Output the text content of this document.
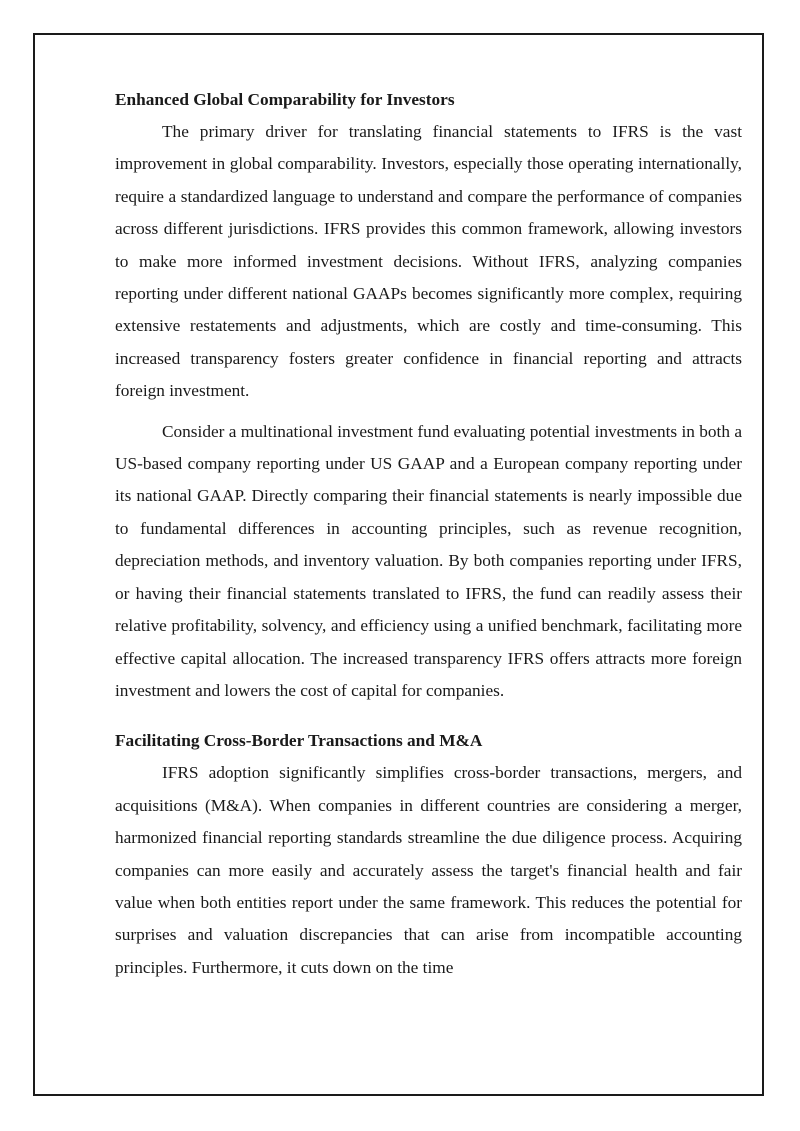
Enhanced Global Comparability for Investors

The primary driver for translating financial statements to IFRS is the vast improvement in global comparability. Investors, especially those operating internationally, require a standardized language to understand and compare the performance of companies across different jurisdictions. IFRS provides this common framework, allowing investors to make more informed investment decisions. Without IFRS, analyzing companies reporting under different national GAAPs becomes significantly more complex, requiring extensive restatements and adjustments, which are costly and time-consuming. This increased transparency fosters greater confidence in financial reporting and attracts foreign investment.

Consider a multinational investment fund evaluating potential investments in both a US-based company reporting under US GAAP and a European company reporting under its national GAAP. Directly comparing their financial statements is nearly impossible due to fundamental differences in accounting principles, such as revenue recognition, depreciation methods, and inventory valuation. By both companies reporting under IFRS, or having their financial statements translated to IFRS, the fund can readily assess their relative profitability, solvency, and efficiency using a unified benchmark, facilitating more effective capital allocation. The increased transparency IFRS offers attracts more foreign investment and lowers the cost of capital for companies.

Facilitating Cross-Border Transactions and M&A

IFRS adoption significantly simplifies cross-border transactions, mergers, and acquisitions (M&A). When companies in different countries are considering a merger, harmonized financial reporting standards streamline the due diligence process. Acquiring companies can more easily and accurately assess the target's financial health and fair value when both entities report under the same framework. This reduces the potential for surprises and valuation discrepancies that can arise from incompatible accounting principles. Furthermore, it cuts down on the time
